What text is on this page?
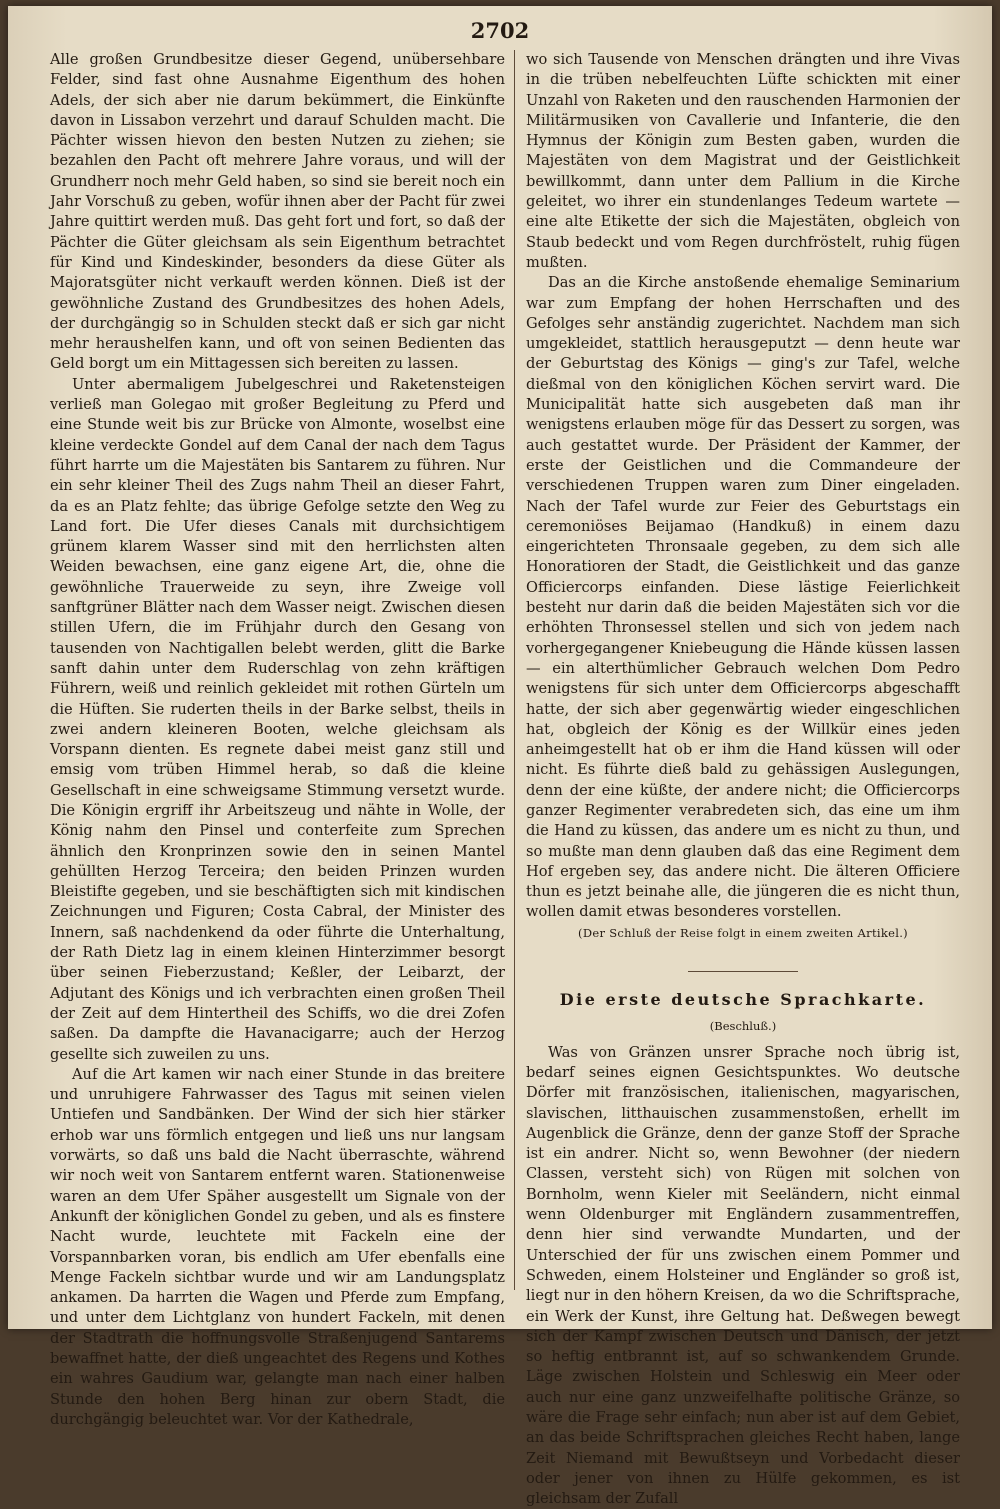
2702

Alle großen Grundbesitze dieser Gegend, unübersehbare Felder, sind fast ohne Ausnahme Eigenthum des hohen Adels, der sich aber nie darum bekümmert, die Einkünfte davon in Lissabon verzehrt und darauf Schulden macht. Die Pächter wissen hievon den besten Nutzen zu ziehen; sie bezahlen den Pacht oft mehrere Jahre voraus, und will der Grundherr noch mehr Geld haben, so sind sie bereit noch ein Jahr Vorschuß zu geben, wofür ihnen aber der Pacht für zwei Jahre quittirt werden muß. Das geht fort und fort, so daß der Pächter die Güter gleichsam als sein Eigenthum betrachtet für Kind und Kindeskinder, besonders da diese Güter als Majoratsgüter nicht verkauft werden können. Dieß ist der gewöhnliche Zustand des Grundbesitzes des hohen Adels, der durchgängig so in Schulden steckt daß er sich gar nicht mehr heraushelfen kann, und oft von seinen Bedienten das Geld borgt um ein Mittagessen sich bereiten zu lassen.

Unter abermaligem Jubelgeschrei und Raketensteigen verließ man Golegao mit großer Begleitung zu Pferd und eine Stunde weit bis zur Brücke von Almonte, woselbst eine kleine verdeckte Gondel auf dem Canal der nach dem Tagus führt harrte um die Majestäten bis Santarem zu führen. Nur ein sehr kleiner Theil des Zugs nahm Theil an dieser Fahrt, da es an Platz fehlte; das übrige Gefolge setzte den Weg zu Land fort. Die Ufer dieses Canals mit durchsichtigem grünem klarem Wasser sind mit den herrlichsten alten Weiden bewachsen, eine ganz eigene Art, die, ohne die gewöhnliche Trauerweide zu seyn, ihre Zweige voll sanftgrüner Blätter nach dem Wasser neigt. Zwischen diesen stillen Ufern, die im Frühjahr durch den Gesang von tausenden von Nachtigallen belebt werden, glitt die Barke sanft dahin unter dem Ruderschlag von zehn kräftigen Führern, weiß und reinlich gekleidet mit rothen Gürteln um die Hüften. Sie ruderten theils in der Barke selbst, theils in zwei andern kleineren Booten, welche gleichsam als Vorspann dienten. Es regnete dabei meist ganz still und emsig vom trüben Himmel herab, so daß die kleine Gesellschaft in eine schweigsame Stimmung versetzt wurde. Die Königin ergriff ihr Arbeitszeug und nähte in Wolle, der König nahm den Pinsel und conterfeite zum Sprechen ähnlich den Kronprinzen sowie den in seinen Mantel gehüllten Herzog Terceira; den beiden Prinzen wurden Bleistifte gegeben, und sie beschäftigten sich mit kindischen Zeichnungen und Figuren; Costa Cabral, der Minister des Innern, saß nachdenkend da oder führte die Unterhaltung, der Rath Dietz lag in einem kleinen Hinterzimmer besorgt über seinen Fieberzustand; Keßler, der Leibarzt, der Adjutant des Königs und ich verbrachten einen großen Theil der Zeit auf dem Hintertheil des Schiffs, wo die drei Zofen saßen. Da dampfte die Havanacigarre; auch der Herzog gesellte sich zuweilen zu uns.

Auf die Art kamen wir nach einer Stunde in das breitere und unruhigere Fahrwasser des Tagus mit seinen vielen Untiefen und Sandbänken. Der Wind der sich hier stärker erhob war uns förmlich entgegen und ließ uns nur langsam vorwärts, so daß uns bald die Nacht überraschte, während wir noch weit von Santarem entfernt waren. Stationenweise waren an dem Ufer Späher ausgestellt um Signale von der Ankunft der königlichen Gondel zu geben, und als es finstere Nacht wurde, leuchtete mit Fackeln eine der Vorspannbarken voran, bis endlich am Ufer ebenfalls eine Menge Fackeln sichtbar wurde und wir am Landungsplatz ankamen. Da harrten die Wagen und Pferde zum Empfang, und unter dem Lichtglanz von hundert Fackeln, mit denen der Stadtrath die hoffnungsvolle Straßenjugend Santarems bewaffnet hatte, der dieß ungeachtet des Regens und Kothes ein wahres Gaudium war, gelangte man nach einer halben Stunde den hohen Berg hinan zur obern Stadt, die durchgängig beleuchtet war. Vor der Kathedrale,

wo sich Tausende von Menschen drängten und ihre Vivas in die trüben nebelfeuchten Lüfte schickten mit einer Unzahl von Raketen und den rauschenden Harmonien der Militärmusiken von Cavallerie und Infanterie, die den Hymnus der Königin zum Besten gaben, wurden die Majestäten von dem Magistrat und der Geistlichkeit bewillkommt, dann unter dem Pallium in die Kirche geleitet, wo ihrer ein stundenlanges Tedeum wartete — eine alte Etikette der sich die Majestäten, obgleich von Staub bedeckt und vom Regen durchfröstelt, ruhig fügen mußten.

Das an die Kirche anstoßende ehemalige Seminarium war zum Empfang der hohen Herrschaften und des Gefolges sehr anständig zugerichtet. Nachdem man sich umgekleidet, stattlich herausgeputzt — denn heute war der Geburtstag des Königs — ging's zur Tafel, welche dießmal von den königlichen Köchen servirt ward. Die Municipalität hatte sich ausgebeten daß man ihr wenigstens erlauben möge für das Dessert zu sorgen, was auch gestattet wurde. Der Präsident der Kammer, der erste der Geistlichen und die Commandeure der verschiedenen Truppen waren zum Diner eingeladen. Nach der Tafel wurde zur Feier des Geburtstags ein ceremoniöses Beijamao (Handkuß) in einem dazu eingerichteten Thronsaale gegeben, zu dem sich alle Honoratioren der Stadt, die Geistlichkeit und das ganze Officiercorps einfanden. Diese lästige Feierlichkeit besteht nur darin daß die beiden Majestäten sich vor die erhöhten Thronsessel stellen und sich von jedem nach vorhergegangener Kniebeugung die Hände küssen lassen — ein alterthümlicher Gebrauch welchen Dom Pedro wenigstens für sich unter dem Officiercorps abgeschafft hatte, der sich aber gegenwärtig wieder eingeschlichen hat, obgleich der König es der Willkür eines jeden anheimgestellt hat ob er ihm die Hand küssen will oder nicht. Es führte dieß bald zu gehässigen Auslegungen, denn der eine küßte, der andere nicht; die Officiercorps ganzer Regimenter verabredeten sich, das eine um ihm die Hand zu küssen, das andere um es nicht zu thun, und so mußte man denn glauben daß das eine Regiment dem Hof ergeben sey, das andere nicht. Die älteren Officiere thun es jetzt beinahe alle, die jüngeren die es nicht thun, wollen damit etwas besonderes vorstellen.

(Der Schluß der Reise folgt in einem zweiten Artikel.)

Die erste deutsche Sprachkarte.
(Beschluß.)

Was von Gränzen unsrer Sprache noch übrig ist, bedarf seines eignen Gesichtspunktes. Wo deutsche Dörfer mit französischen, italienischen, magyarischen, slavischen, litthauischen zusammenstoßen, erhellt im Augenblick die Gränze, denn der ganze Stoff der Sprache ist ein andrer. Nicht so, wenn Bewohner (der niedern Classen, versteht sich) von Rügen mit solchen von Bornholm, wenn Kieler mit Seeländern, nicht einmal wenn Oldenburger mit Engländern zusammentreffen, denn hier sind verwandte Mundarten, und der Unterschied der für uns zwischen einem Pommer und Schweden, einem Holsteiner und Engländer so groß ist, liegt nur in den höhern Kreisen, da wo die Schriftsprache, ein Werk der Kunst, ihre Geltung hat. Deßwegen bewegt sich der Kampf zwischen Deutsch und Dänisch, der jetzt so heftig entbrannt ist, auf so schwankendem Grunde. Läge zwischen Holstein und Schleswig ein Meer oder auch nur eine ganz unzweifelhafte politische Gränze, so wäre die Frage sehr einfach; nun aber ist auf dem Gebiet, an das beide Schriftsprachen gleiches Recht haben, lange Zeit Niemand mit Bewußtseyn und Vorbedacht dieser oder jener von ihnen zu Hülfe gekommen, es ist gleichsam der Zufall
